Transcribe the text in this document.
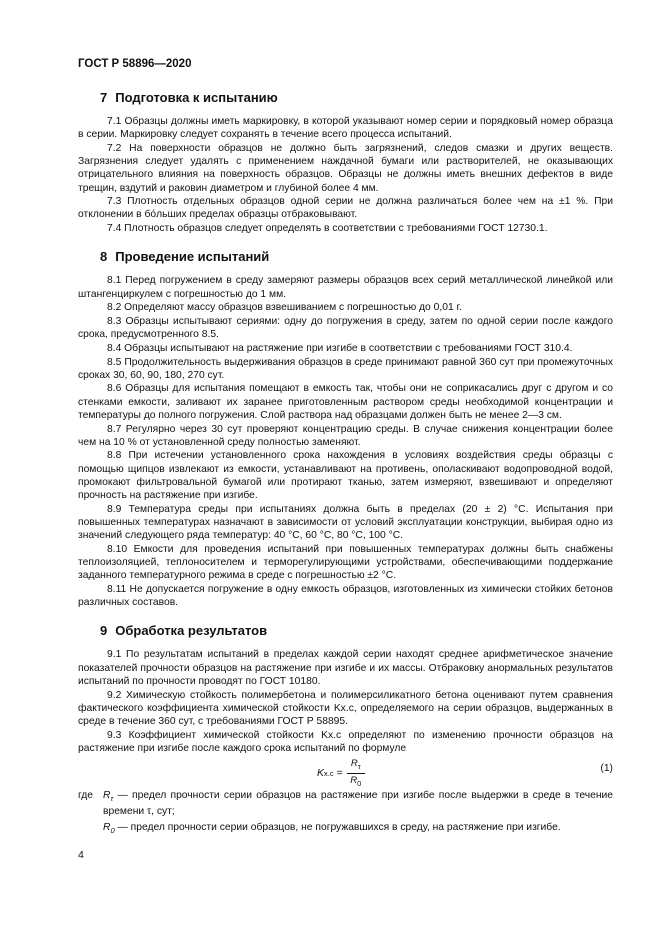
ГОСТ Р 58896—2020
7 Подготовка к испытанию

7.1 Образцы должны иметь маркировку, в которой указывают номер серии и порядковый номер образца в серии. Маркировку следует сохранять в течение всего процесса испытаний.

7.2 На поверхности образцов не должно быть загрязнений, следов смазки и других веществ. Загрязнения следует удалять с применением наждачной бумаги или растворителей, не оказывающих отрицательного влияния на поверхность образцов. Образцы не должны иметь внешних дефектов в виде трещин, вздутий и раковин диаметром и глубиной более 4 мм.

7.3 Плотность отдельных образцов одной серии не должна различаться более чем на ±1 %. При отклонении в бо́льших пределах образцы отбраковывают.

7.4 Плотность образцов следует определять в соответствии с требованиями ГОСТ 12730.1.

8 Проведение испытаний

8.1 Перед погружением в среду замеряют размеры образцов всех серий металлической линейкой или штангенциркулем с погрешностью до 1 мм.

8.2 Определяют массу образцов взвешиванием с погрешностью до 0,01 г.

8.3 Образцы испытывают сериями: одну до погружения в среду, затем по одной серии после каждого срока, предусмотренного 8.5.

8.4 Образцы испытывают на растяжение при изгибе в соответствии с требованиями ГОСТ 310.4.

8.5 Продолжительность выдерживания образцов в среде принимают равной 360 сут при промежуточных сроках 30, 60, 90, 180, 270 сут.

8.6 Образцы для испытания помещают в емкость так, чтобы они не соприкасались друг с другом и со стенками емкости, заливают их заранее приготовленным раствором среды необходимой концентрации и температуры до полного погружения. Слой раствора над образцами должен быть не менее 2—3 см.

8.7 Регулярно через 30 сут проверяют концентрацию среды. В случае снижения концентрации более чем на 10 % от установленной среду полностью заменяют.

8.8 При истечении установленного срока нахождения в условиях воздействия среды образцы с помощью щипцов извлекают из емкости, устанавливают на противень, ополаскивают водопроводной водой, промокают фильтровальной бумагой или протирают тканью, затем измеряют, взвешивают и определяют прочность на растяжение при изгибе.

8.9 Температура среды при испытаниях должна быть в пределах (20 ± 2) °С. Испытания при повышенных температурах назначают в зависимости от условий эксплуатации конструкции, выбирая одно из значений следующего ряда температур: 40 °С, 60 °С, 80 °С, 100 °С.

8.10 Емкости для проведения испытаний при повышенных температурах должны быть снабжены теплоизоляцией, теплоносителем и терморегулирующими устройствами, обеспечивающими поддержание заданного температурного режима в среде с погрешностью ±2 °С.

8.11 Не допускается погружение в одну емкость образцов, изготовленных из химически стойких бетонов различных составов.

9 Обработка результатов

9.1 По результатам испытаний в пределах каждой серии находят среднее арифметическое значение показателей прочности образцов на растяжение при изгибе и их массы. Отбраковку анормальных результатов испытаний по прочности проводят по ГОСТ 10180.

9.2 Химическую стойкость полимербетона и полимерсиликатного бетона оценивают путем сравнения фактического коэффициента химической стойкости Kх.с, определяемого на серии образцов, выдержанных в среде в течение 360 сут, с требованиями ГОСТ Р 58895.

9.3 Коэффициент химической стойкости Kх.с определяют по изменению прочности образцов на растяжение при изгибе после каждого срока испытаний по формуле

K $х.с = \frac{R_\tau}{R_0}$	(1)
где $R_\tau$ — предел прочности серии образцов на растяжение при изгибе после выдержки в среде в течение времени τ, сут;
$R_0$ — предел прочности серии образцов, не погружавшихся в среду, на растяжение при изгибе.
4
